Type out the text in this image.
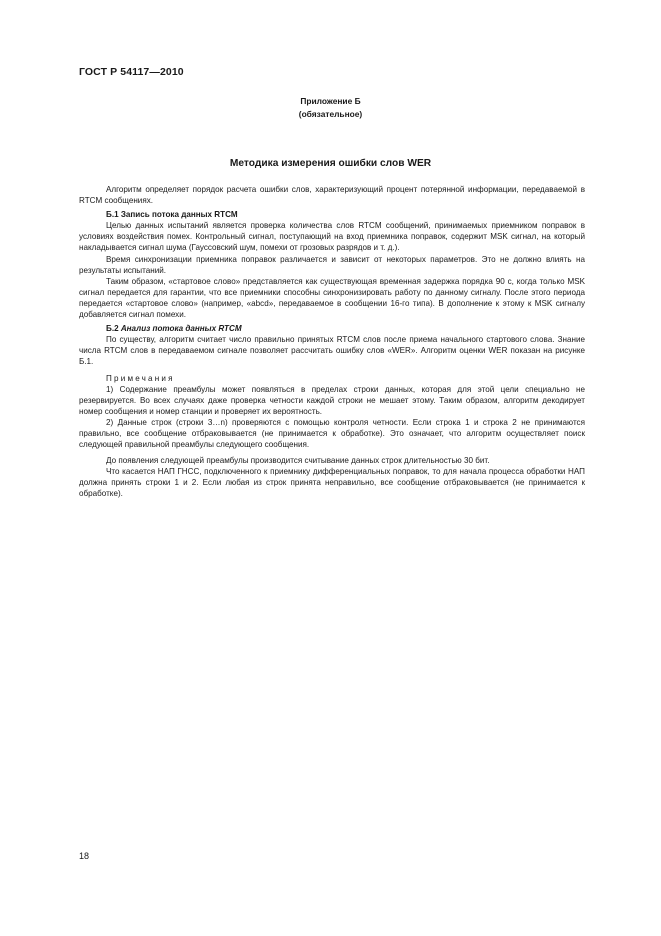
ГОСТ Р 54117—2010
Приложение Б
(обязательное)
Методика измерения ошибки слов WER

Алгоритм определяет порядок расчета ошибки слов, характеризующий процент потерянной информации, передаваемой в RTCM сообщениях.

Б.1 Запись потока данных RTCM

Целью данных испытаний является проверка количества слов RTCM сообщений, принимаемых приемником поправок в условиях воздействия помех. Контрольный сигнал, поступающий на вход приемника поправок, содержит MSK сигнал, на который накладывается сигнал шума (Гауссовский шум, помехи от грозовых разрядов и т. д.).

Время синхронизации приемника поправок различается и зависит от некоторых параметров. Это не должно влиять на результаты испытаний.

Таким образом, «стартовое слово» представляется как существующая временная задержка порядка 90 с, когда только MSK сигнал передается для гарантии, что все приемники способны синхронизировать работу по данному сигналу. После этого периода передается «стартовое слово» (например, «abcd», передаваемое в сообщении 16-го типа). В дополнение к этому к MSK сигналу добавляется сигнал помехи.

Б.2 Анализ потока данных RTCM

По существу, алгоритм считает число правильно принятых RTCM слов после приема начального стартового слова. Знание числа RTCM слов в передаваемом сигнале позволяет рассчитать ошибку слов «WER». Алгоритм оценки WER показан на рисунке Б.1.

Примечания

1) Содержание преамбулы может появляться в пределах строки данных, которая для этой цели специально не резервируется. Во всех случаях даже проверка четности каждой строки не мешает этому. Таким образом, алгоритм декодирует номер сообщения и номер станции и проверяет их вероятность.

2) Данные строк (строки 3…n) проверяются с помощью контроля четности. Если строка 1 и строка 2 не принимаются правильно, все сообщение отбраковывается (не принимается к обработке). Это означает, что алгоритм осуществляет поиск следующей правильной преамбулы следующего сообщения.

До появления следующей преамбулы производится считывание данных строк длительностью 30 бит.

Что касается НАП ГНСС, подключенного к приемнику дифференциальных поправок, то для начала процесса обработки НАП должна принять строки 1 и 2. Если любая из строк принята неправильно, все сообщение отбраковывается (не принимается к обработке).

18
